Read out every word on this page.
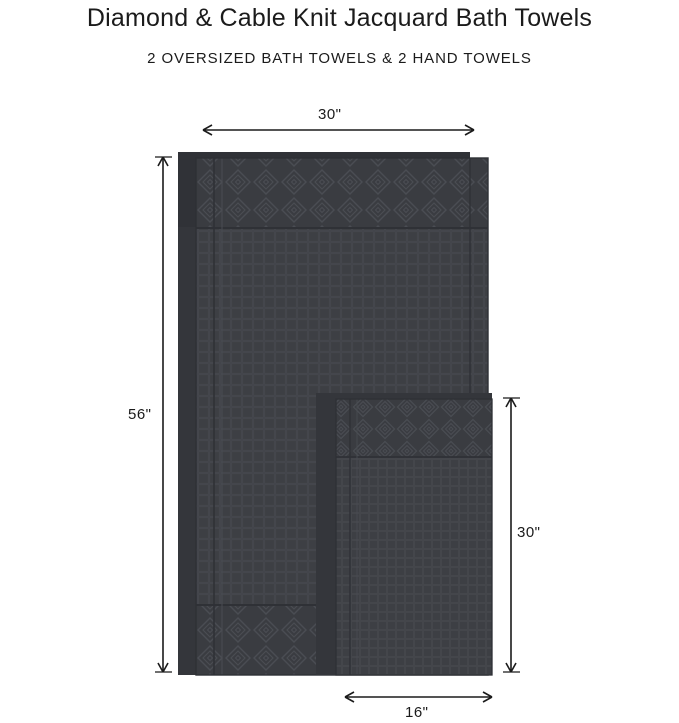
Diamond & Cable Knit Jacquard Bath Towels
2 OVERSIZED BATH TOWELS & 2 HAND TOWELS
30"
56"
30"
16"
